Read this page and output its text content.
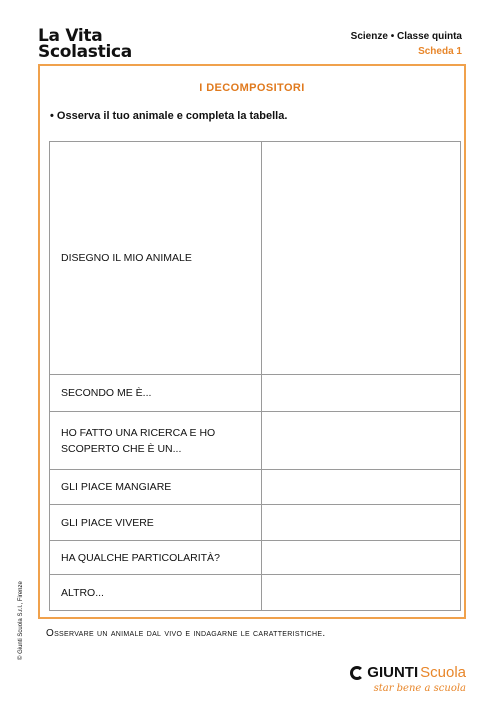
La Vita
Scolastica
Scienze • Classe quinta
Scheda 1
I DECOMPOSITORI
• Osserva il tuo animale e completa la tabella.
DISEGNO IL MIO ANIMALE	
SECONDO ME È...	
HO FATTO UNA RICERCA E HO SCOPERTO CHE È UN...	
GLI PIACE MANGIARE	
GLI PIACE VIVERE	
HA QUALCHE PARTICOLARITÀ?	
ALTRO...	
Osservare un animale dal vivo e indagarne le caratteristiche.
© Giunti Scuola S.r.l., Firenze
GIUNTI Scuola
star bene a scuola
